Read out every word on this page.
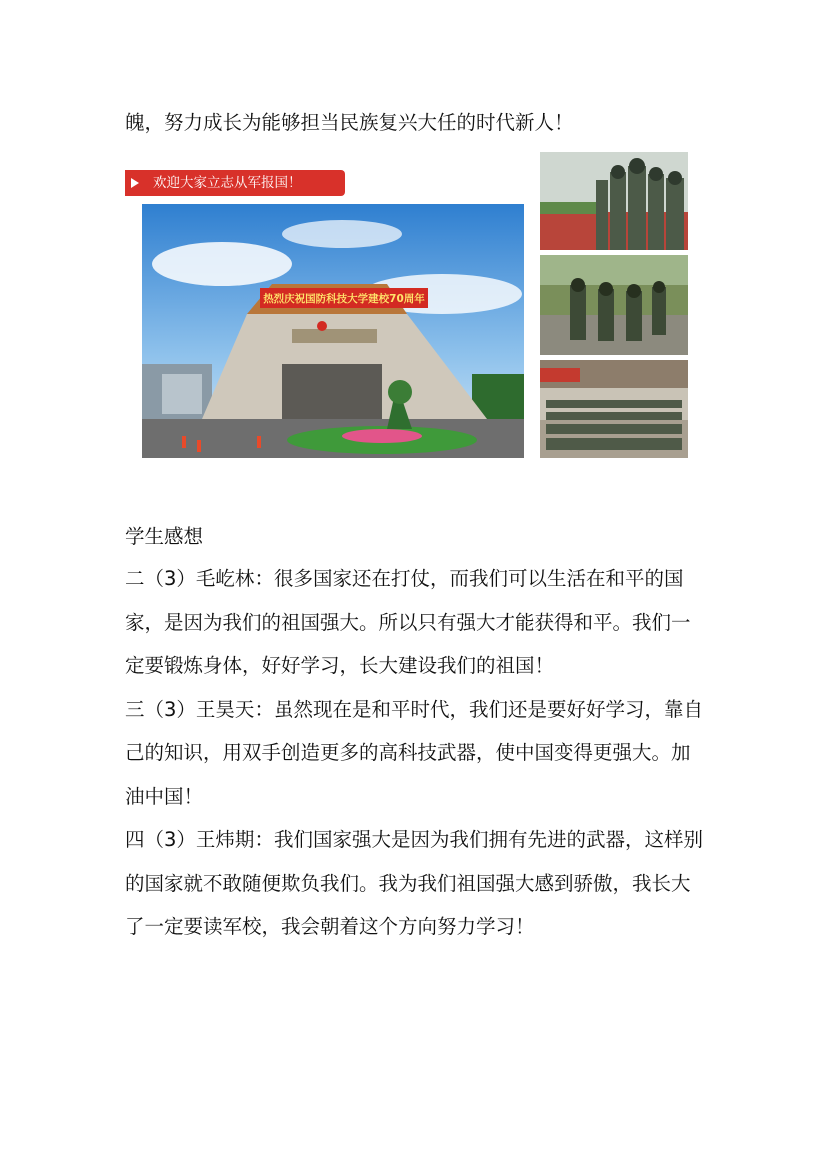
魄，努力成长为能够担当民族复兴大任的时代新人！
欢迎大家立志从军报国！
热烈庆祝国防科技大学建校70周年
学生感想

二（3）毛屹林：很多国家还在打仗，而我们可以生活在和平的国家，是因为我们的祖国强大。所以只有强大才能获得和平。我们一定要锻炼身体，好好学习，长大建设我们的祖国！

三（3）王昊天：虽然现在是和平时代，我们还是要好好学习，靠自己的知识，用双手创造更多的高科技武器，使中国变得更强大。加油中国！

四（3）王炜期：我们国家强大是因为我们拥有先进的武器，这样别的国家就不敢随便欺负我们。我为我们祖国强大感到骄傲，我长大了一定要读军校，我会朝着这个方向努力学习！
